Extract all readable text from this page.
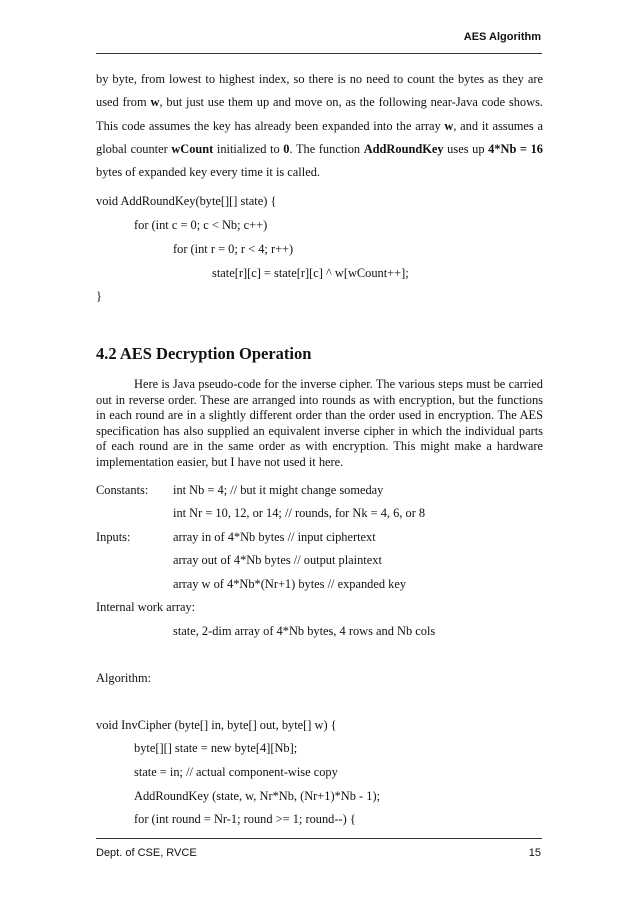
AES Algorithm

by byte, from lowest to highest index, so there is no need to count the bytes as they are used from w, but just use them up and move on, as the following near-Java code shows. This code assumes the key has already been expanded into the array w, and it assumes a global counter wCount initialized to 0. The function AddRoundKey uses up 4*Nb = 16 bytes of expanded key every time it is called.

void AddRoundKey(byte[][] state) {
for (int c = 0; c < Nb; c++)
for (int r = 0; r < 4; r++)
state[r][c] = state[r][c] ^ w[wCount++];
}
4.2 AES Decryption Operation

Here is Java pseudo-code for the inverse cipher. The various steps must be carried out in reverse order. These are arranged into rounds as with encryption, but the functions in each round are in a slightly different order than the order used in encryption. The AES specification has also supplied an equivalent inverse cipher in which the individual parts of each round are in the same order as with encryption. This might make a hardware implementation easier, but I have not used it here.

Constants:	int Nb = 4; // but it might change someday
int Nr = 10, 12, or 14; // rounds, for Nk = 4, 6, or 8
Inputs:	array in of 4*Nb bytes // input ciphertext
array out of 4*Nb bytes // output plaintext
array w of 4*Nb*(Nr+1) bytes // expanded key
Internal work array:
state, 2-dim array of 4*Nb bytes, 4 rows and Nb cols
Algorithm:
void InvCipher (byte[] in, byte[] out, byte[] w) {
byte[][] state = new byte[4][Nb];
state = in; // actual component-wise copy
AddRoundKey (state, w, Nr*Nb, (Nr+1)*Nb - 1);
for (int round = Nr-1; round >= 1; round--) {
Dept. of CSE, RVCE	15
